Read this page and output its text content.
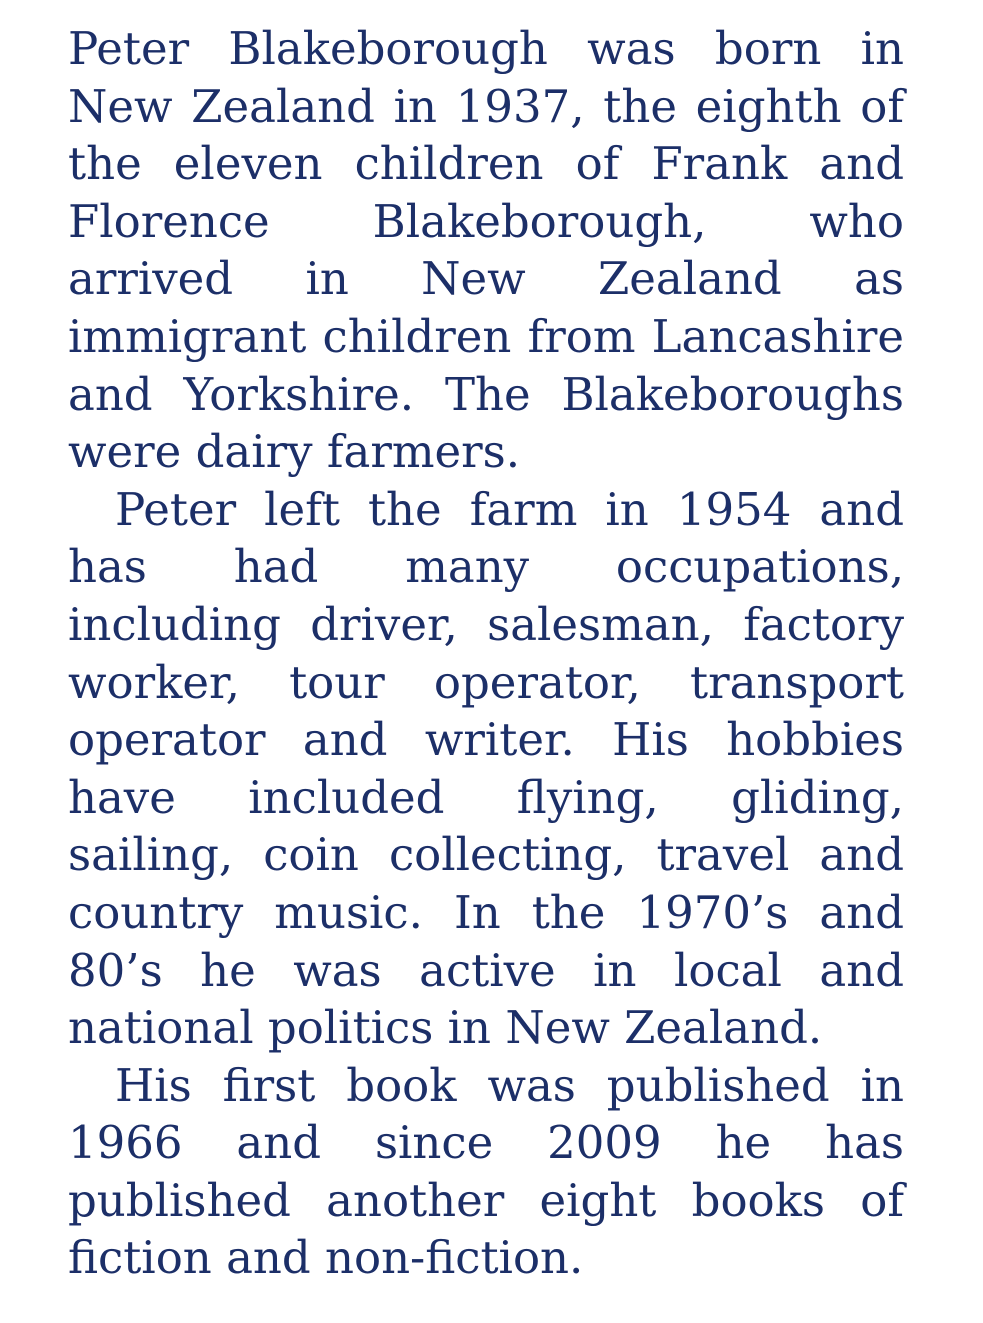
Peter Blakeborough was born in New Zealand in 1937, the eighth of the eleven children of Frank and Florence Blakeborough, who arrived in New Zealand as immigrant children from Lancashire and Yorkshire. The Blakeboroughs were dairy farmers.

Peter left the farm in 1954 and has had many occupations, including driver, salesman, factory worker, tour operator, transport operator and writer. His hobbies have included flying, gliding, sailing, coin collecting, travel and country music. In the 1970’s and 80’s he was active in local and national politics in New Zealand.

His first book was published in 1966 and since 2009 he has published another eight books of fiction and non-fiction.
